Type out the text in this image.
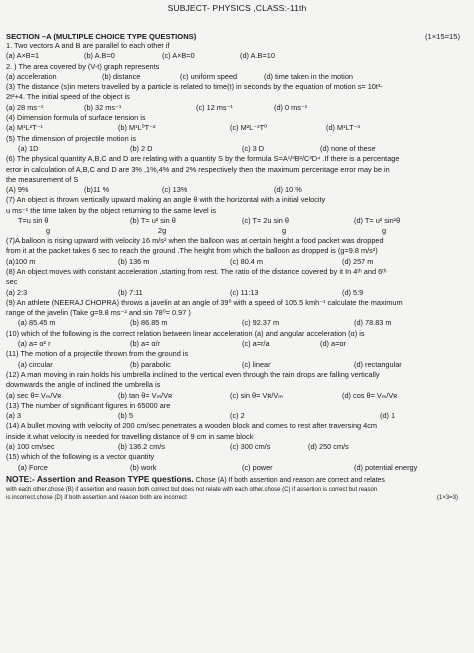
SUBJECT- PHYSICS ,CLASS:-11th
SECTION –A (MULTIPLE CHOICE TYPE QUESTIONS)	(1×15=15)
1. Two vectors A and B are parallel to each other if
(a) A×B=1	(b) A.B=0	(c) A×B=0	(d) A.B=10
2. ) The area covered by (V-t) graph represents
(a) acceleration	(b) distance	(c) uniform speed	(d) time taken in the motion
(3) The distance (s)in meters travelled by a particle is related to time(t) in seconds by the equation of motion s= 10t³-
2t²+4. The initial speed of the object is
(a) 28 ms⁻¹	(b) 32 ms⁻¹	(c) 12 ms⁻¹	(d) 0 ms⁻¹
(4) Dimension formula of surface tension is
(a) M¹L²T⁻¹	(b) M¹L⁰T⁻²	(c) M²L⁻³T⁰	(d) M¹LT⁻³
(5) The dimension of projectile motion is
(a) 1D	(b) 2 D	(c) 3 D	(d) none of these
(6) The physical quantity A,B,C and D are relating with a quantity S by the formula S=A¹/³B²/C³D⁴ .If there is a percentage
error in calculation of A,B,C and D are 3% ,1%,4% and 2% respectively then the maximum percentage error may be in
the measurement of S
(A) 9%	(b)11 %	(c) 13%	(d) 10 %
(7) An object is thrown vertically upward making an angle θ with the horizontal with a initial velocity
u ms⁻¹ the time taken by the object returning to the same level is
T=u sin θ	(b) T= u² sin θ	(c) T= 2u sin θ	(d) T= u² sin²θ
g	2g	g	g
(7)A balloon is rising upward with velocity 16 m/s² when the balloon was at certain height a food packet was dropped
from it at the packet takes 6 sec to reach the ground .The height from which the balloon as dropped is (g=9.8 m/s²)
(a)100 m	(b) 136 m	(c) 80.4 m	(d) 257 m
(8) An object moves with constant acceleration ,starting from rest. The ratio of the distance covered by it In 4ᵗʰ and 6ᵗʰ
sec
(a) 2:3	(b) 7:11	(c) 11:13	(d) 5:9
(9) An athlete (NEERAJ CHOPRA) throws a javelin at an angle of 39⁰ with a speed of 105.5 kmh⁻¹ calculate the maximum
range of the javelin (Take g=9.8 ms⁻² and sin 78⁰= 0.97 )
(a) 85.45 m	(b) 86.85 m	(c) 92.37 m	(d) 78.83 m
(10) which of the following is the correct relation between linear acceleration (a) and angular acceleration (α) is
(a) a= α² r	(b) a= α/r	(c) a=r/a	(d) a=αr
(11) The motion of a projectile thrown from the ground is
(a) circular	(b) parabolic	(c) linear	(d) rectangular
(12) A man moving in rain holds his umbrella inclined to the vertical even through the rain drops are falling vertically
downwards the angle of inclined the umbrella is
(a) sec θ= Vₘ/Vʀ	(b) tan θ= Vₘ/Vʀ	(c) sin θ= Vʀ/Vₘ	(d) cos θ= Vₘ/Vʀ
(13) The number of significant figures in 65000 are
(a) 3	(b) 5	(c) 2	(d) 1
(14) A bullet moving with velocity of 200 cm/sec penetrates a wooden block and comes to rest after traversing 4cm
inside it.what velocity is needed for travelling distance of 9 cm in same block
(a) 100 cm/sec	(b) 136.2 cm/s	(c) 300 cm/s	(d) 250 cm/s
(15) which of the following is a vector quantity
(a) Force	(b) work	(c) power	(d) potential energy
NOTE:- Assertion and Reason TYPE questions. Chose (A) If both assertion and reason are correct and relates
with each other.chose (B) if assertion and reason both correct but does not relate with each other.chose (C) if assertion is correct but reason
is incorrect.chose (D) if both assertion and reason both are incorrect	(1×3=3)
